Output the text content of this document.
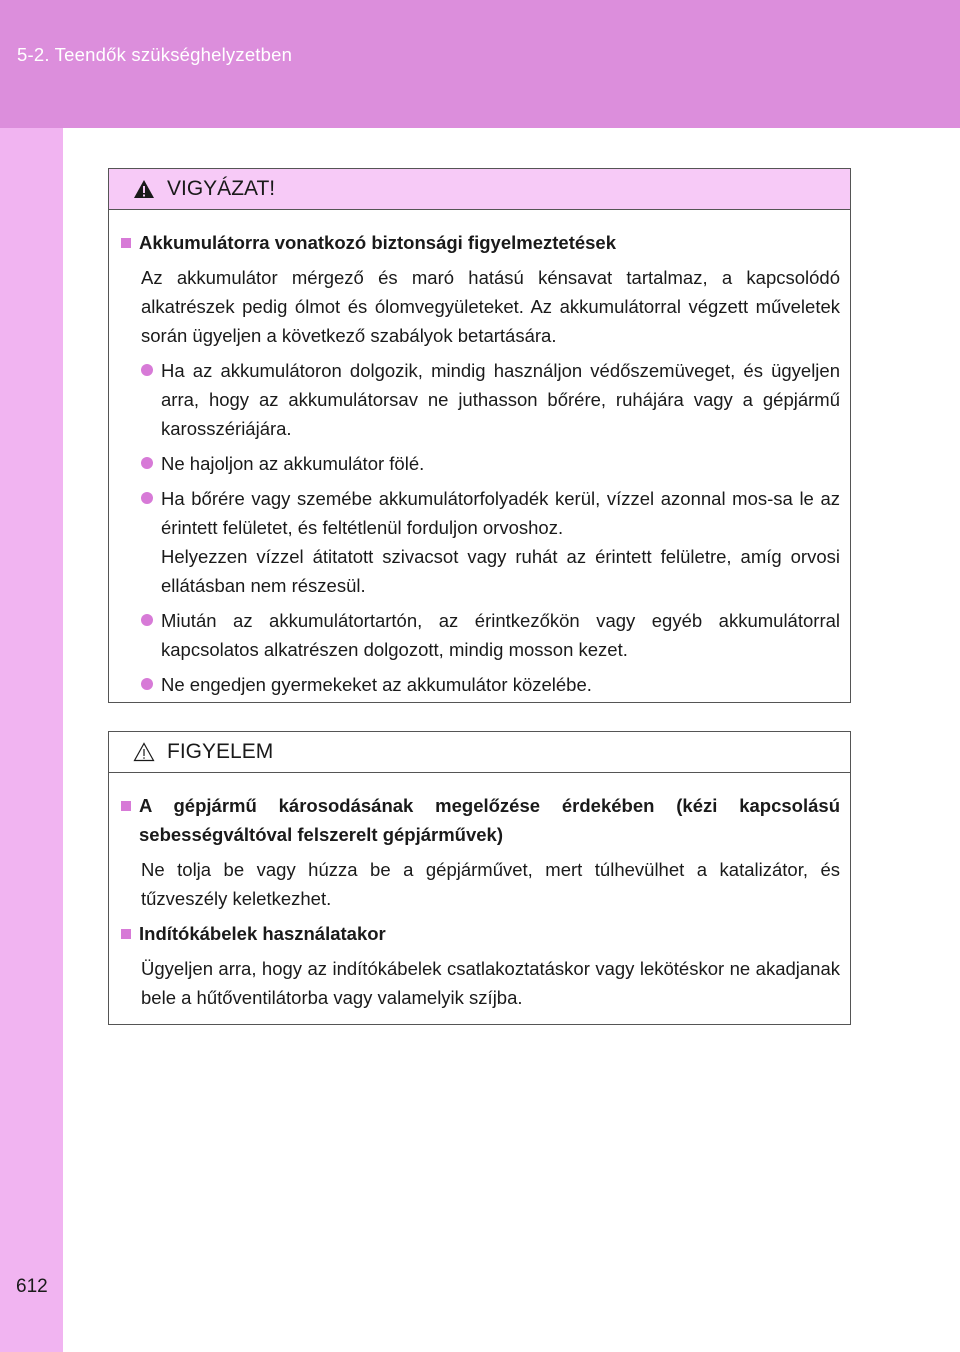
5-2. Teendők szükséghelyzetben
VIGYÁZAT!
Akkumulátorra vonatkozó biztonsági figyelmeztetések
Az akkumulátor mérgező és maró hatású kénsavat tartalmaz, a kapcsolódó alkatrészek pedig ólmot és ólomvegyületeket. Az akkumulátorral végzett műveletek során ügyeljen a következő szabályok betartására.
Ha az akkumulátoron dolgozik, mindig használjon védőszemüveget, és ügyeljen arra, hogy az akkumulátorsav ne juthasson bőrére, ruhájára vagy a gépjármű karosszériájára.
Ne hajoljon az akkumulátor fölé.
Ha bőrére vagy szemébe akkumulátorfolyadék kerül, vízzel azonnal mos-sa le az érintett felületet, és feltétlenül forduljon orvoshoz.
Helyezzen vízzel átitatott szivacsot vagy ruhát az érintett felületre, amíg orvosi ellátásban nem részesül.
Miután az akkumulátortartón, az érintkezőkön vagy egyéb akkumulátorral kapcsolatos alkatrészen dolgozott, mindig mosson kezet.
Ne engedjen gyermekeket az akkumulátor közelébe.
FIGYELEM
A gépjármű károsodásának megelőzése érdekében (kézi kapcsolású sebességváltóval felszerelt gépjárművek)
Ne tolja be vagy húzza be a gépjárművet, mert túlhevülhet a katalizátor, és tűzveszély keletkezhet.
Indítókábelek használatakor
Ügyeljen arra, hogy az indítókábelek csatlakoztatáskor vagy lekötéskor ne akadjanak bele a hűtőventilátorba vagy valamelyik szíjba.
612
